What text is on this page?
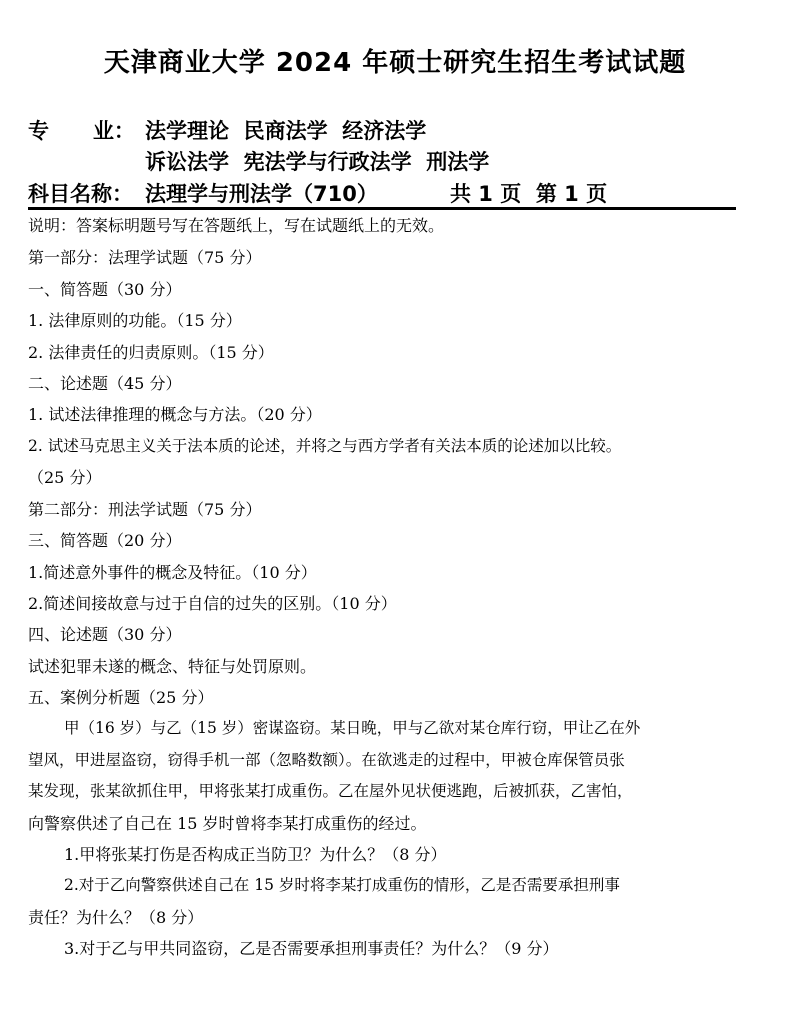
天津商业大学 2024 年硕士研究生招生考试试题
专      业： 法学理论  民商法学  经济法学
诉讼法学  宪法学与行政法学  刑法学
科目名称： 法理学与刑法学（710）	共 1 页  第 1 页
说明：答案标明题号写在答题纸上，写在试题纸上的无效。
第一部分：法理学试题（75 分）
一、简答题（30 分）
1. 法律原则的功能。（15 分）
2. 法律责任的归责原则。（15 分）
二、论述题（45 分）
1. 试述法律推理的概念与方法。（20 分）
2. 试述马克思主义关于法本质的论述，并将之与西方学者有关法本质的论述加以比较。
（25 分）
第二部分：刑法学试题（75 分）
三、简答题（20 分）
1.简述意外事件的概念及特征。（10 分）
2.简述间接故意与过于自信的过失的区别。（10 分）
四、论述题（30 分）
试述犯罪未遂的概念、特征与处罚原则。
五、案例分析题（25 分）
甲（16 岁）与乙（15 岁）密谋盗窃。某日晚，甲与乙欲对某仓库行窃，甲让乙在外
望风，甲进屋盗窃，窃得手机一部（忽略数额）。在欲逃走的过程中，甲被仓库保管员张
某发现，张某欲抓住甲，甲将张某打成重伤。乙在屋外见状便逃跑，后被抓获，乙害怕，
向警察供述了自己在 15 岁时曾将李某打成重伤的经过。
1.甲将张某打伤是否构成正当防卫？为什么？（8 分）
2.对于乙向警察供述自己在 15 岁时将李某打成重伤的情形，乙是否需要承担刑事
责任？为什么？（8 分）
3.对于乙与甲共同盗窃，乙是否需要承担刑事责任？为什么？（9 分）
